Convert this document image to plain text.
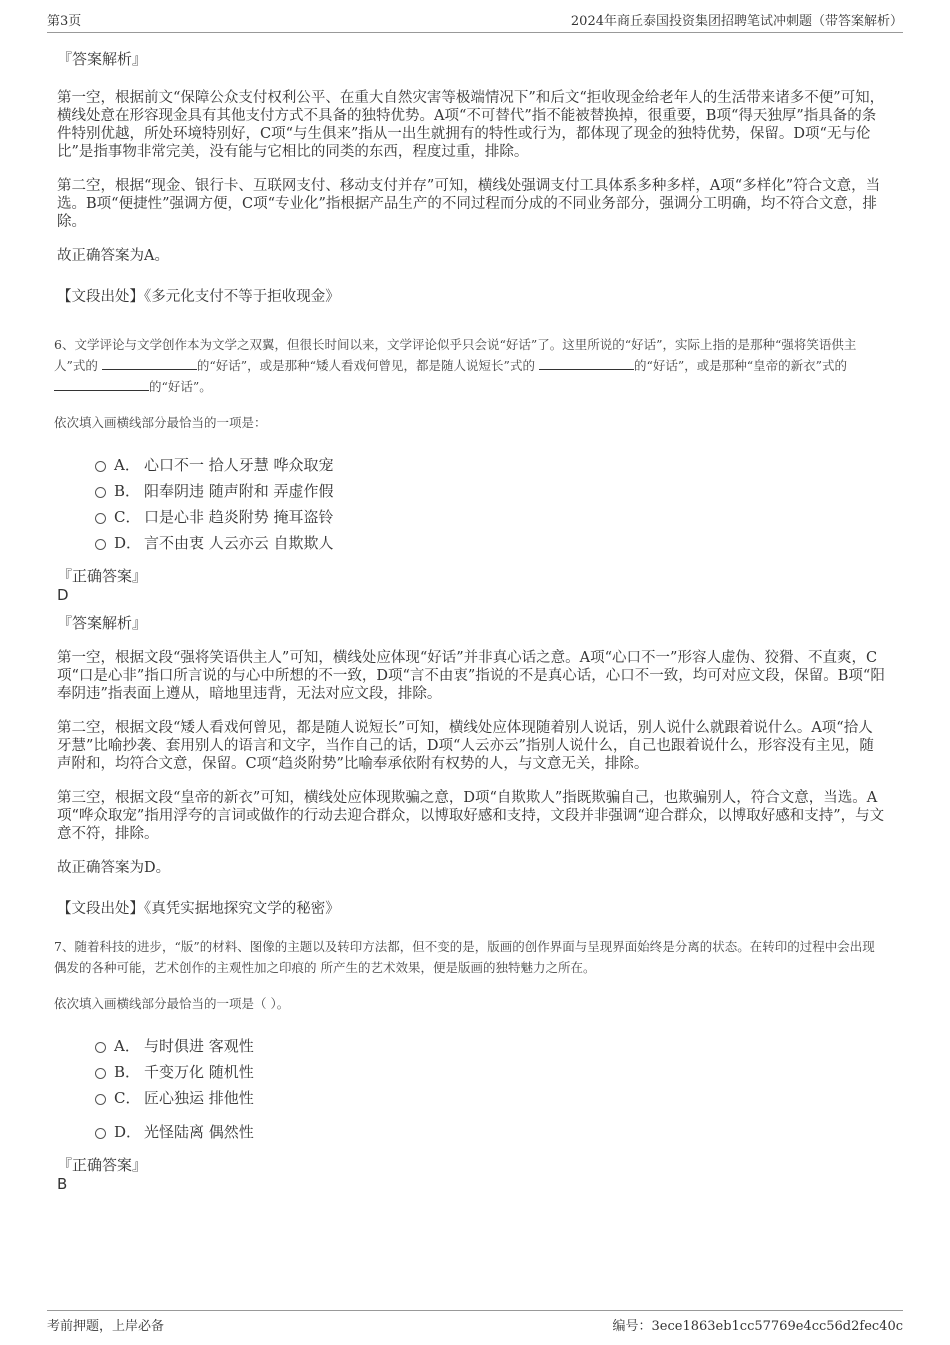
第3页	2024年商丘泰国投资集团招聘笔试冲刺题（带答案解析）
『答案解析』

第一空，根据前文“保障公众支付权利公平、在重大自然灾害等极端情况下”和后文“拒收现金给老年人的生活带来诸多不便”可知，横线处意在形容现金具有其他支付方式不具备的独特优势。A项“不可替代”指不能被替换掉，很重要，B项“得天独厚”指具备的条件特别优越，所处环境特别好，C项“与生俱来”指从一出生就拥有的特性或行为，都体现了现金的独特优势，保留。D项“无与伦比”是指事物非常完美，没有能与它相比的同类的东西，程度过重，排除。

第二空，根据“现金、银行卡、互联网支付、移动支付并存”可知，横线处强调支付工具体系多种多样，A项“多样化”符合文意，当选。B项“便捷性”强调方便，C项“专业化”指根据产品生产的不同过程而分成的不同业务部分，强调分工明确，均不符合文意，排除。

故正确答案为A。

【文段出处】《多元化支付不等于拒收现金》

6、文学评论与文学创作本为文学之双翼，但很长时间以来，文学评论似乎只会说“好话”了。这里所说的“好话”，实际上指的是那种“强将笑语供主人”式的	的“好话”，或是那种“矮人看戏何曾见，都是随人说短长”式的	的“好话”，或是那种“皇帝的新衣”式的
的“好话”。
依次填入画横线部分最恰当的一项是：
A． 心口不一 拾人牙慧 哗众取宠
B． 阳奉阴违 随声附和 弄虚作假
C． 口是心非 趋炎附势 掩耳盗铃
D． 言不由衷 人云亦云 自欺欺人
『正确答案』
D
『答案解析』

第一空，根据文段“强将笑语供主人”可知，横线处应体现“好话”并非真心话之意。A项“心口不一”形容人虚伪、狡猾、不直爽，C项“口是心非”指口所言说的与心中所想的不一致，D项“言不由衷”指说的不是真心话，心口不一致，均可对应文段，保留。B项“阳奉阴违”指表面上遵从，暗地里违背，无法对应文段，排除。

第二空，根据文段“矮人看戏何曾见，都是随人说短长”可知，横线处应体现随着别人说话，别人说什么就跟着说什么。A项“拾人牙慧”比喻抄袭、套用别人的语言和文字，当作自己的话，D项“人云亦云”指别人说什么，自己也跟着说什么，形容没有主见，随声附和，均符合文意，保留。C项“趋炎附势”比喻奉承依附有权势的人，与文意无关，排除。

第三空，根据文段“皇帝的新衣”可知，横线处应体现欺骗之意，D项“自欺欺人”指既欺骗自己，也欺骗别人，符合文意，当选。A项“哗众取宠”指用浮夸的言词或做作的行动去迎合群众，以博取好感和支持，文段并非强调“迎合群众，以博取好感和支持”，与文意不符，排除。

故正确答案为D。

【文段出处】《真凭实据地探究文学的秘密》

7、随着科技的进步，“版”的材料、图像的主题以及转印方法都，但不变的是，版画的创作界面与呈现界面始终是分离的状态。在转印的过程中会出现偶发的各种可能，艺术创作的主观性加之印痕的 所产生的艺术效果，便是版画的独特魅力之所在。
依次填入画横线部分最恰当的一项是（ ）。
A． 与时俱进 客观性
B． 千变万化 随机性
C． 匠心独运 排他性
D． 光怪陆离 偶然性
『正确答案』
B
考前押题，上岸必备	编号：3ece1863eb1cc57769e4cc56d2fec40c
